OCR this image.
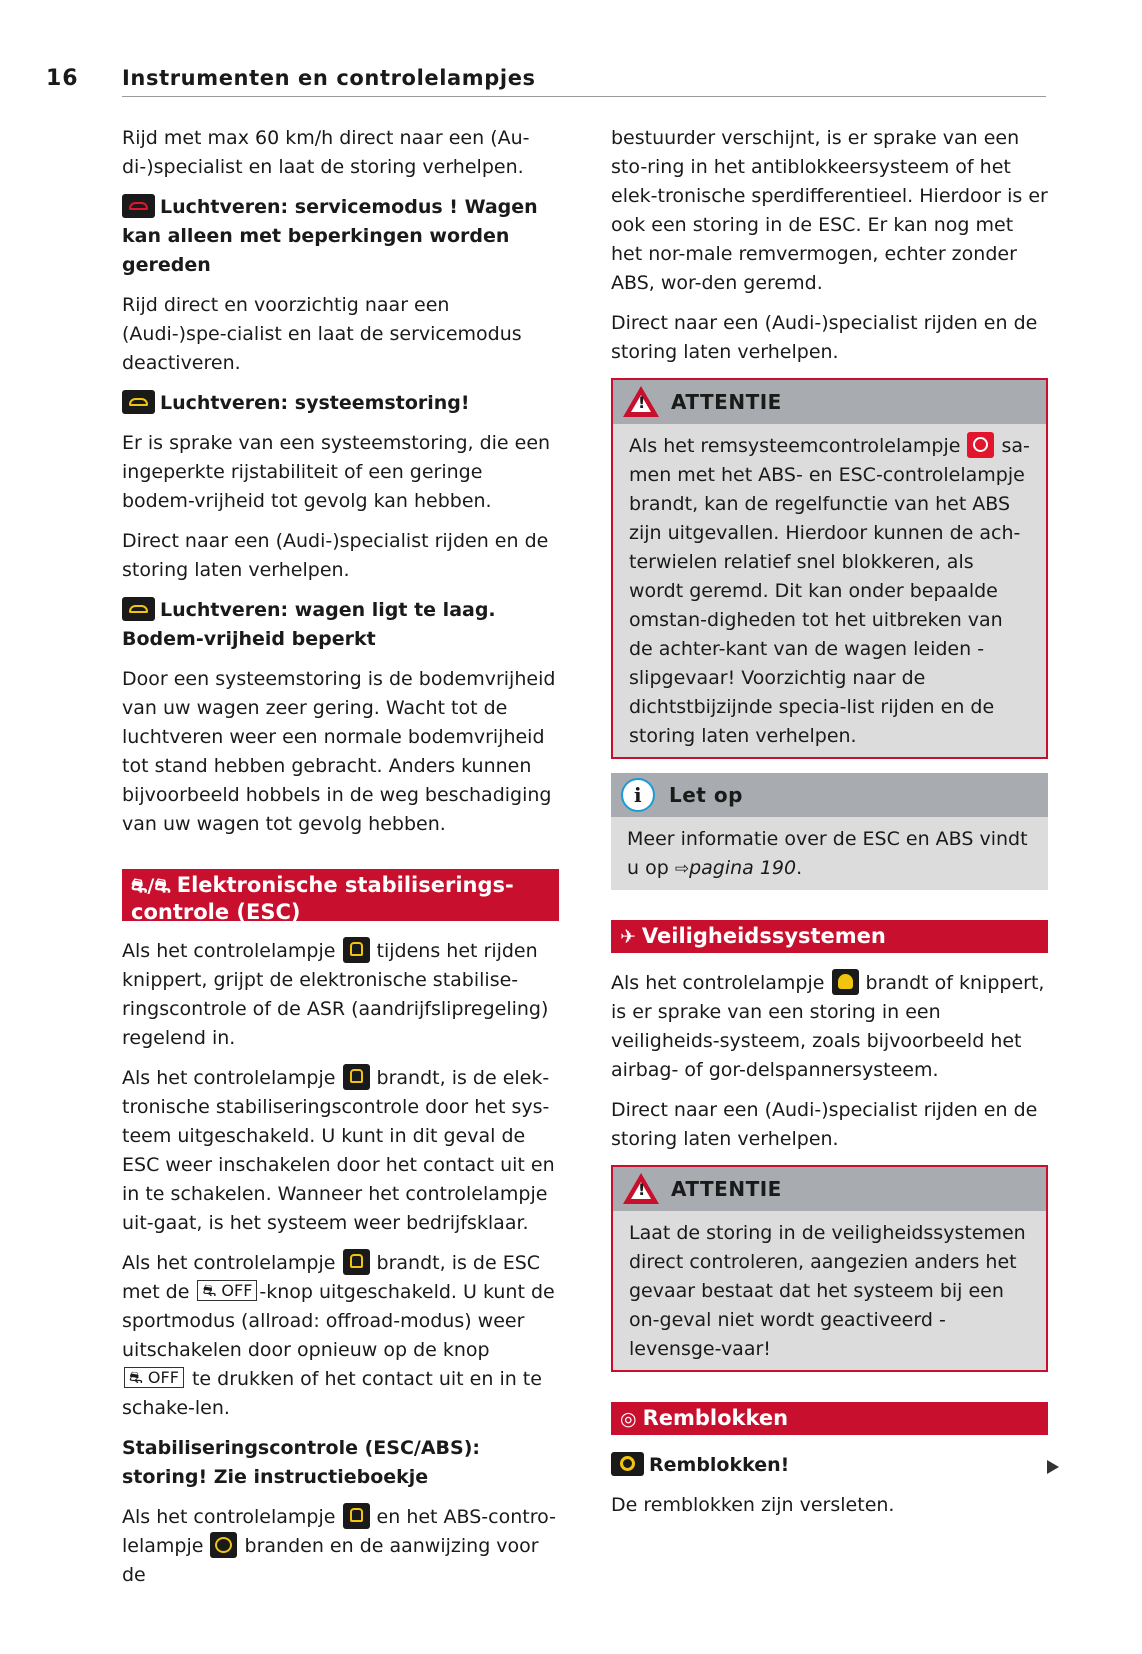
16 Instrumenten en controlelampjes

Rijd met max 60 km/h direct naar een (Au-di-)specialist en laat de storing verhelpen.

Luchtveren: servicemodus ! Wagen kan alleen met beperkingen worden gereden

Rijd direct en voorzichtig naar een (Audi-)spe-cialist en laat de servicemodus deactiveren.

Luchtveren: systeemstoring!

Er is sprake van een systeemstoring, die een ingeperkte rijstabiliteit of een geringe bodem-vrijheid tot gevolg kan hebben.

Direct naar een (Audi-)specialist rijden en de storing laten verhelpen.

Luchtveren: wagen ligt te laag. Bodem-vrijheid beperkt

Door een systeemstoring is de bodemvrijheid van uw wagen zeer gering. Wacht tot de luchtveren weer een normale bodemvrijheid tot stand hebben gebracht. Anders kunnen bijvoorbeeld hobbels in de weg beschadiging van uw wagen tot gevolg hebben.

⛐/⛐ Elektronische stabiliserings-controle (ESC)

Als het controlelampje tijdens het rijden knippert, grijpt de elektronische stabilise-ringscontrole of de ASR (aandrijfslipregeling) regelend in.

Als het controlelampje brandt, is de elek-tronische stabiliseringscontrole door het sys-teem uitgeschakeld. U kunt in dit geval de ESC weer inschakelen door het contact uit en in te schakelen. Wanneer het controlelampje uit-gaat, is het systeem weer bedrijfsklaar.

Als het controlelampje brandt, is de ESC met de ⛐ OFF -knop uitgeschakeld. U kunt de sportmodus (allroad: offroad-modus) weer uitschakelen door opnieuw op de knop ⛐ OFF te drukken of het contact uit en in te schake-len.

Stabiliseringscontrole (ESC/ABS): storing! Zie instructieboekje

Als het controlelampje en het ABS-contro-lelampje branden en de aanwijzing voor de

bestuurder verschijnt, is er sprake van een sto-ring in het antiblokkeersysteem of het elek-tronische sperdifferentieel. Hierdoor is er ook een storing in de ESC. Er kan nog met het nor-male remvermogen, echter zonder ABS, wor-den geremd.

Direct naar een (Audi-)specialist rijden en de storing laten verhelpen.

! ATTENTIE

Als het remsysteemcontrolelampje sa-men met het ABS- en ESC-controlelampje brandt, kan de regelfunctie van het ABS zijn uitgevallen. Hierdoor kunnen de ach-terwielen relatief snel blokkeren, als wordt geremd. Dit kan onder bepaalde omstan-digheden tot het uitbreken van de achter-kant van de wagen leiden - slipgevaar! Voorzichtig naar de dichtstbijzijnde specia-list rijden en de storing laten verhelpen.

i	Let op

Meer informatie over de ESC en ABS vindt u op ⇨pagina 190.

✈ Veiligheidssystemen

Als het controlelampje brandt of knippert, is er sprake van een storing in een veiligheids-systeem, zoals bijvoorbeeld het airbag- of gor-delspannersysteem.

Direct naar een (Audi-)specialist rijden en de storing laten verhelpen.

! ATTENTIE

Laat de storing in de veiligheidssystemen direct controleren, aangezien anders het gevaar bestaat dat het systeem bij een on-geval niet wordt geactiveerd - levensge-vaar!

◎ Remblokken
Remblokken!

De remblokken zijn versleten.
